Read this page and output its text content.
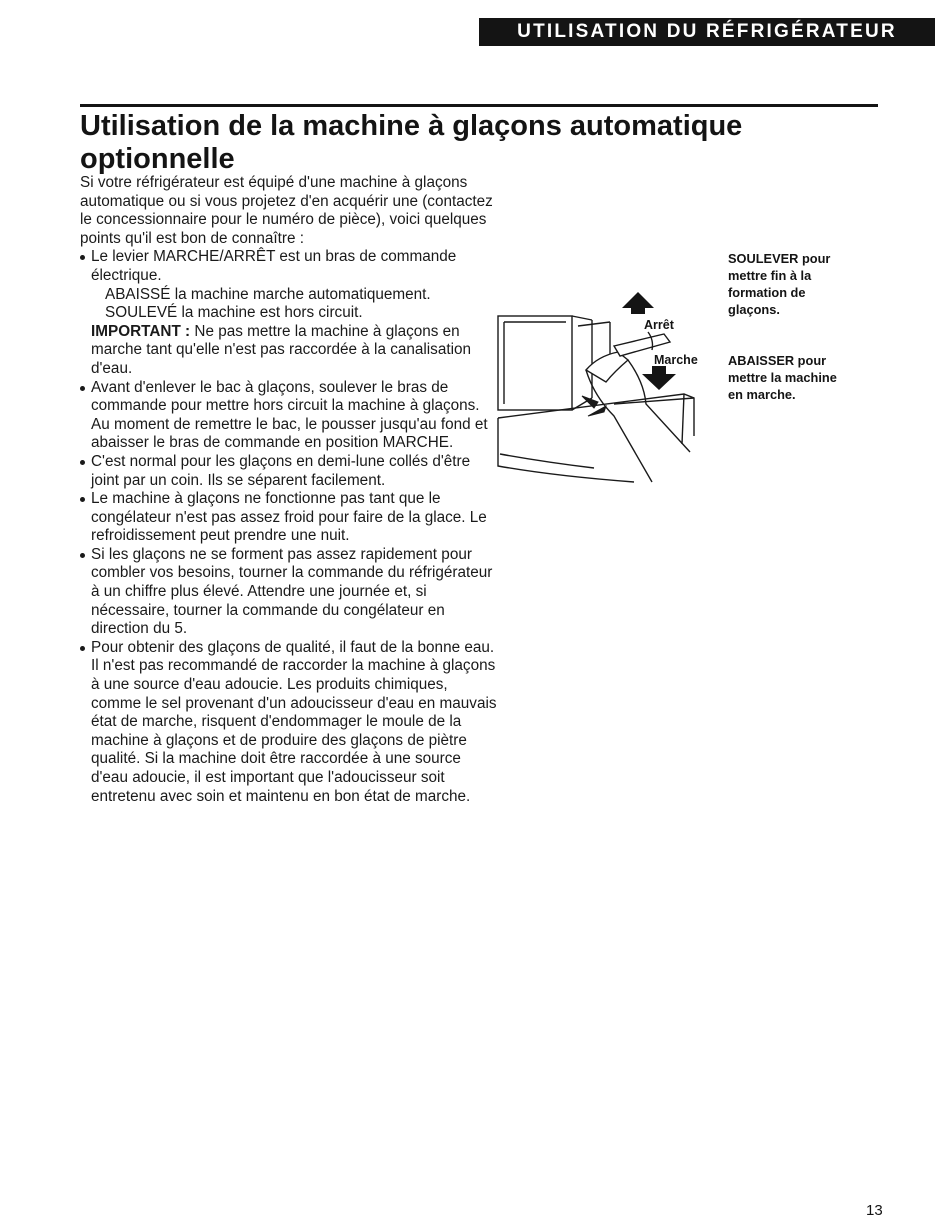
UTILISATION DU RÉFRIGÉRATEUR
Utilisation de la machine à glaçons automatique optionnelle

Si votre réfrigérateur est équipé d'une machine à glaçons automatique ou si vous projetez d'en acquérir une (contactez le concessionnaire pour le numéro de pièce), voici quelques points qu'il est bon de connaître :

Le levier MARCHE/ARRÊT est un bras de commande électrique.

ABAISSÉ la machine marche automatiquement.

SOULEVÉ la machine est hors circuit.

IMPORTANT : Ne pas mettre la machine à glaçons en marche tant qu'elle n'est pas raccordée à la canalisation d'eau.

Avant d'enlever le bac à glaçons, soulever le bras de commande pour mettre hors circuit la machine à glaçons. Au moment de remettre le bac, le pousser jusqu'au fond et abaisser le bras de commande en position MARCHE.

C'est normal pour les glaçons en demi-lune collés d'être joint par un coin. Ils se séparent facilement.

Le machine à glaçons ne fonctionne pas tant que le congélateur n'est pas assez froid pour faire de la glace. Le refroidissement peut prendre une nuit.

Si les glaçons ne se forment pas assez rapidement pour combler vos besoins, tourner la commande du réfrigérateur à un chiffre plus élevé. Attendre une journée et, si nécessaire, tourner la commande du congélateur en direction du 5.

Pour obtenir des glaçons de qualité, il faut de la bonne eau. Il n'est pas recommandé de raccorder la machine à glaçons à une source d'eau adoucie. Les produits chimiques, comme le sel provenant d'un adoucisseur d'eau en mauvais état de marche, risquent d'endommager le moule de la machine à glaçons et de produire des glaçons de piètre qualité. Si la machine doit être raccordée à une source d'eau adoucie, il est important que l'adoucisseur soit entretenu avec soin et maintenu en bon état de marche.

Arrêt
Marche

SOULEVER pour mettre fin à la formation de glaçons.

ABAISSER pour mettre la machine en marche.

13
